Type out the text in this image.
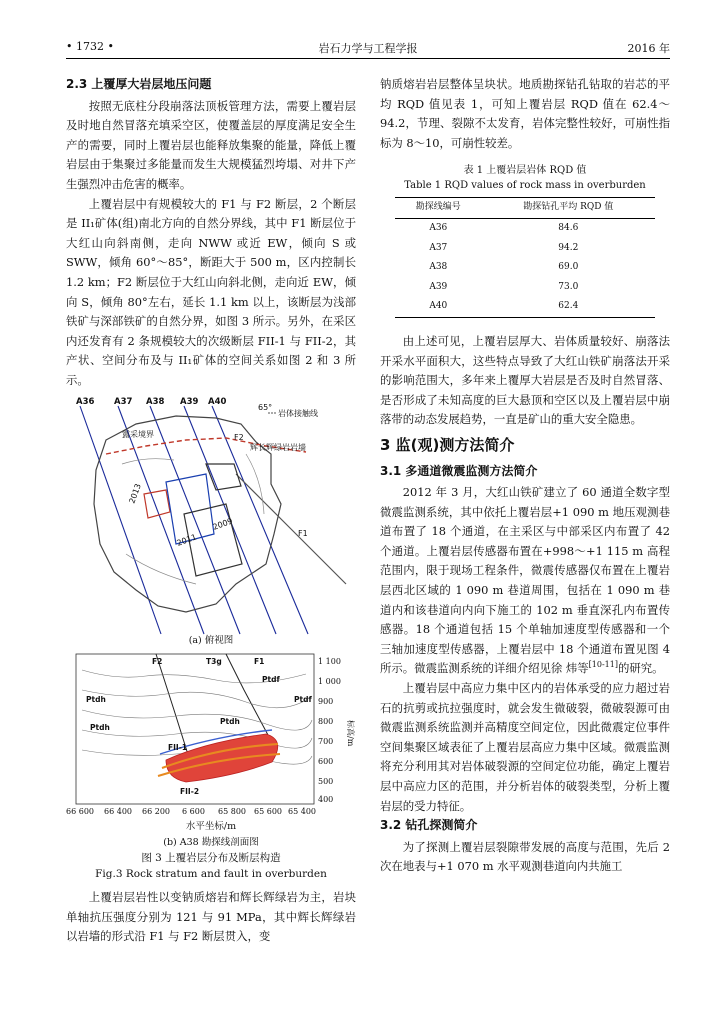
• 1732 •	岩石力学与工程学报	2016 年
2.3 上覆厚大岩层地压问题

按照无底柱分段崩落法顶板管理方法，需要上覆岩层及时地自然冒落充填采空区，使覆盖层的厚度满足安全生产的需要，同时上覆岩层也能释放集聚的能量，降低上覆岩层由于集聚过多能量而发生大规模猛烈垮塌、对井下产生强烈冲击危害的概率。

上覆岩层中有规模较大的 F1 与 F2 断层，2 个断层是 II₁矿体(组)南北方向的自然分界线，其中 F1 断层位于大红山向斜南侧，走向 NWW 或近 EW，倾向 S 或 SWW，倾角 60°～85°，断距大于 500 m，区内控制长 1.2 km；F2 断层位于大红山向斜北侧，走向近 EW，倾向 S，倾角 80°左右，延长 1.1 km 以上，该断层为浅部铁矿与深部铁矿的自然分界，如图 3 所示。另外，在采区内还发育有 2 条规模较大的次级断层 FII-1 与 FII-2，其产状、空间分布及与 II₁矿体的空间关系如图 2 和 3 所示。

A36 A37 A38 A39 A40
65°
岩体接触线
露采境界	F2
辉长辉绿岩岩墙
F1
2013
2011
2009
(a) 俯视图
F2	T3g	F1
Ptdh
Ptdf
Ptdh
Ptdf
Ptdh
FII-1
FII-2
1 100
1 000
900
800
700
600
500
400
标高/m
66 600 66 400 66 200 6 600 65 800 65 600 65 400
水平坐标/m
(b) A38 勘探线剖面图
图 3 上覆岩层分布及断层构造
Fig.3 Rock stratum and fault in overburden

上覆岩层岩性以变钠质熔岩和辉长辉绿岩为主，岩块单轴抗压强度分别为 121 与 91 MPa，其中辉长辉绿岩以岩墙的形式沿 F1 与 F2 断层贯入，变

钠质熔岩岩层整体呈块状。地质勘探钻孔钻取的岩芯的平均 RQD 值见表 1，可知上覆岩层 RQD 值在 62.4～94.2，节理、裂隙不太发育，岩体完整性较好，可崩性指标为 8～10，可崩性较差。

表 1 上覆岩层岩体 RQD 值
Table 1 RQD values of rock mass in overburden
勘探线编号	勘探钻孔平均 RQD 值
A36	84.6
A37	94.2
A38	69.0
A39	73.0
A40	62.4

由上述可见，上覆岩层厚大、岩体质量较好、崩落法开采水平面积大，这些特点导致了大红山铁矿崩落法开采的影响范围大，多年来上覆厚大岩层是否及时自然冒落、是否形成了未知高度的巨大悬顶和空区以及上覆岩层中崩落带的动态发展趋势，一直是矿山的重大安全隐患。

3 监(观)测方法简介
3.1 多通道微震监测方法简介

2012 年 3 月，大红山铁矿建立了 60 通道全数字型微震监测系统，其中依托上覆岩层+1 090 m 地压观测巷道布置了 18 个通道，在主采区与中部采区内布置了 42 个通道。上覆岩层传感器布置在+998～+1 115 m 高程范围内，限于现场工程条件，微震传感器仅布置在上覆岩层西北区域的 1 090 m 巷道周围，包括在 1 090 m 巷道内和该巷道向内向下施工的 102 m 垂直深孔内布置传感器。18 个通道包括 15 个单轴加速度型传感器和一个三轴加速度型传感器，上覆岩层中 18 个通道布置见图 4 所示。微震监测系统的详细介绍见徐 炜等[10-11]的研究。

上覆岩层中高应力集中区内的岩体承受的应力超过岩石的抗剪或抗拉强度时，就会发生微破裂，微破裂源可由微震监测系统监测并高精度空间定位，因此微震定位事件空间集聚区域表征了上覆岩层高应力集中区域。微震监测将充分利用其对岩体破裂源的空间定位功能，确定上覆岩层中高应力区的范围，并分析岩体的破裂类型，分析上覆岩层的受力特征。

3.2 钻孔探测简介

为了探测上覆岩层裂隙带发展的高度与范围，先后 2 次在地表与+1 070 m 水平观测巷道向内共施工
